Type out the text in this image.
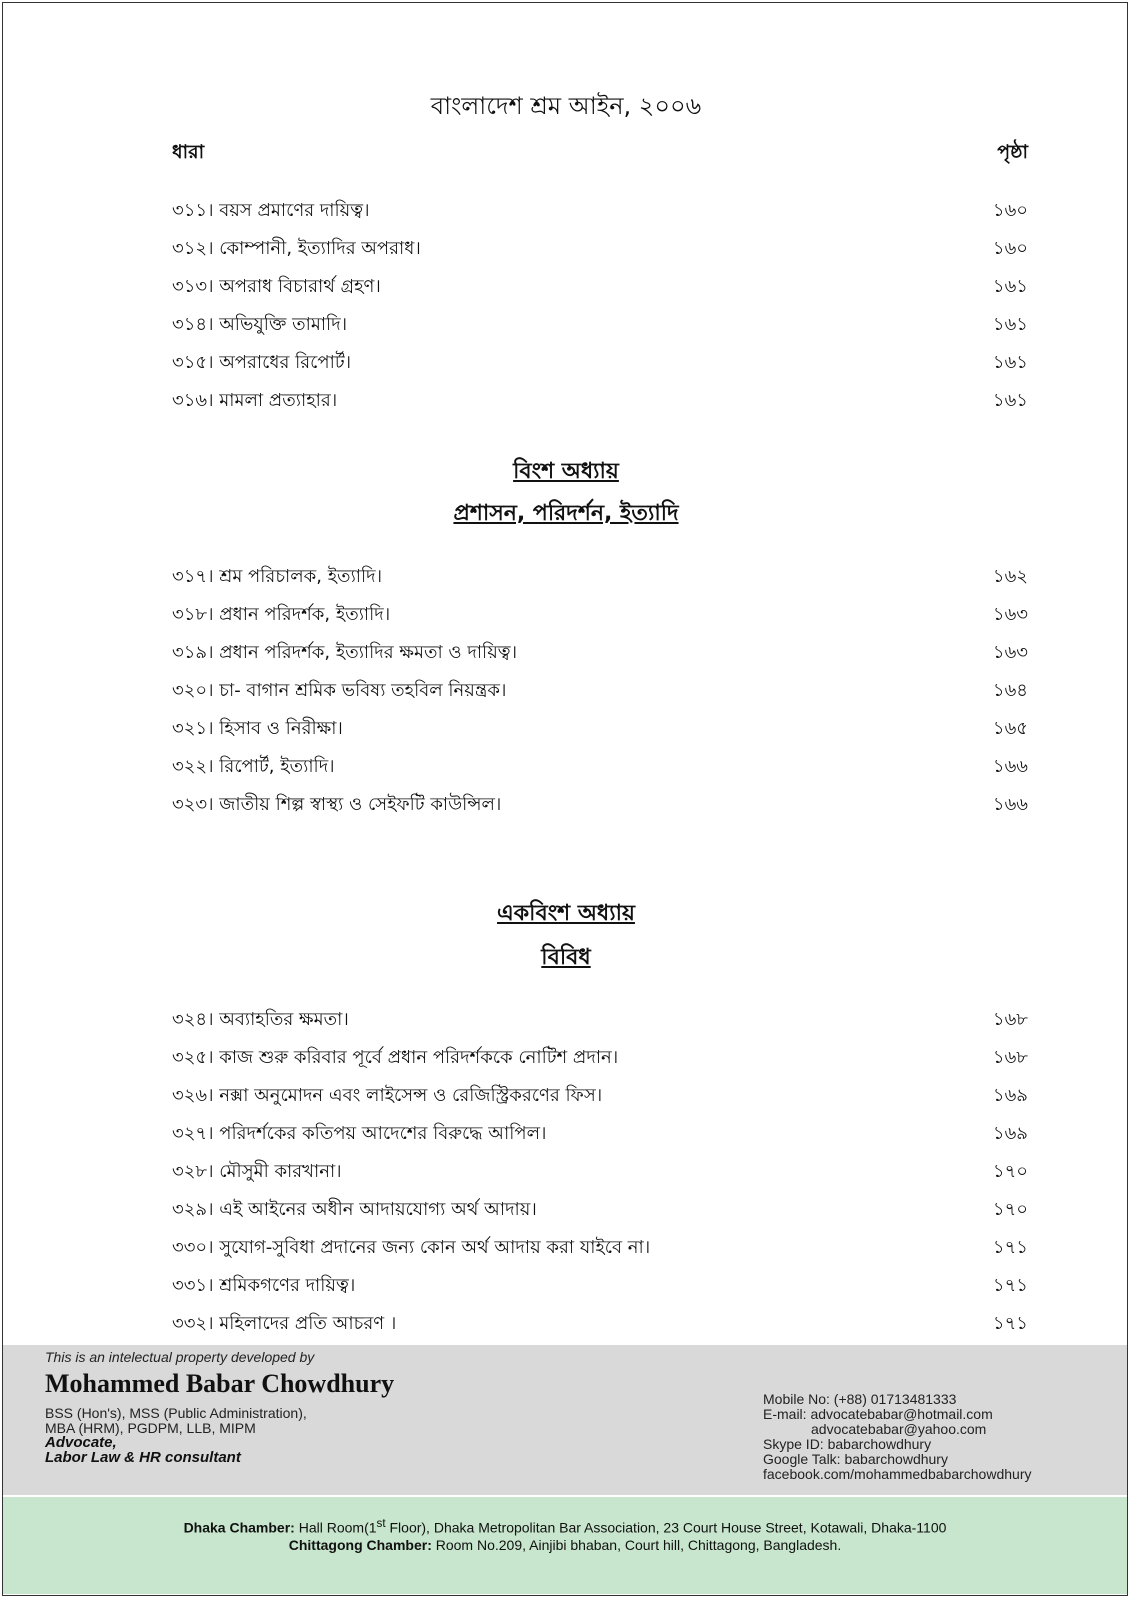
বাংলাদেশ শ্রম আইন, ২০০৬
ধারা	পৃষ্ঠা
৩১১। বয়স প্রমাণের দায়িত্ব।	১৬০
৩১২। কোম্পানী, ইত্যাদির অপরাধ।	১৬০
৩১৩। অপরাধ বিচারার্থ গ্রহণ।	১৬১
৩১৪। অভিযুক্তি তামাদি।	১৬১
৩১৫। অপরাধের রিপোর্ট।	১৬১
৩১৬। মামলা প্রত্যাহার।	১৬১
বিংশ অধ্যায়
প্রশাসন, পরিদর্শন, ইত্যাদি
৩১৭। শ্রম পরিচালক, ইত্যাদি।	১৬২
৩১৮। প্রধান পরিদর্শক, ইত্যাদি।	১৬৩
৩১৯। প্রধান পরিদর্শক, ইত্যাদির ক্ষমতা ও দায়িত্ব।	১৬৩
৩২০। চা- বাগান শ্রমিক ভবিষ্য তহবিল নিয়ন্ত্রক।	১৬৪
৩২১। হিসাব ও নিরীক্ষা।	১৬৫
৩২২। রিপোর্ট, ইত্যাদি।	১৬৬
৩২৩। জাতীয় শিল্প স্বাস্থ্য ও সেইফটি কাউন্সিল।	১৬৬
একবিংশ অধ্যায়
বিবিধ
৩২৪। অব্যাহতির ক্ষমতা।	১৬৮
৩২৫। কাজ শুরু করিবার পূর্বে প্রধান পরিদর্শককে নোটিশ প্রদান।	১৬৮
৩২৬। নক্সা অনুমোদন এবং লাইসেন্স ও রেজিস্ট্রিকরণের ফিস।	১৬৯
৩২৭। পরিদর্শকের কতিপয় আদেশের বিরুদ্ধে আপিল।	১৬৯
৩২৮। মৌসুমী কারখানা।	১৭০
৩২৯। এই আইনের অধীন আদায়যোগ্য অর্থ আদায়।	১৭০
৩৩০। সুযোগ-সুবিধা প্রদানের জন্য কোন অর্থ আদায় করা যাইবে না।	১৭১
৩৩১। শ্রমিকগণের দায়িত্ব।	১৭১
৩৩২। মহিলাদের প্রতি আচরণ ।	১৭১
This is an intelectual property developed by
Mohammed Babar Chowdhury
BSS (Hon's), MSS (Public Administration),
MBA (HRM), PGDPM, LLB, MIPM
Advocate,
Labor Law & HR consultant
Mobile No: (+88) 01713481333
E-mail: advocatebabar@hotmail.com
advocatebabar@yahoo.com
Skype ID: babarchowdhury
Google Talk: babarchowdhury
facebook.com/mohammedbabarchowdhury
Dhaka Chamber: Hall Room(1st Floor), Dhaka Metropolitan Bar Association, 23 Court House Street, Kotawali, Dhaka-1100
Chittagong Chamber: Room No.209, Ainjibi bhaban, Court hill, Chittagong, Bangladesh.
